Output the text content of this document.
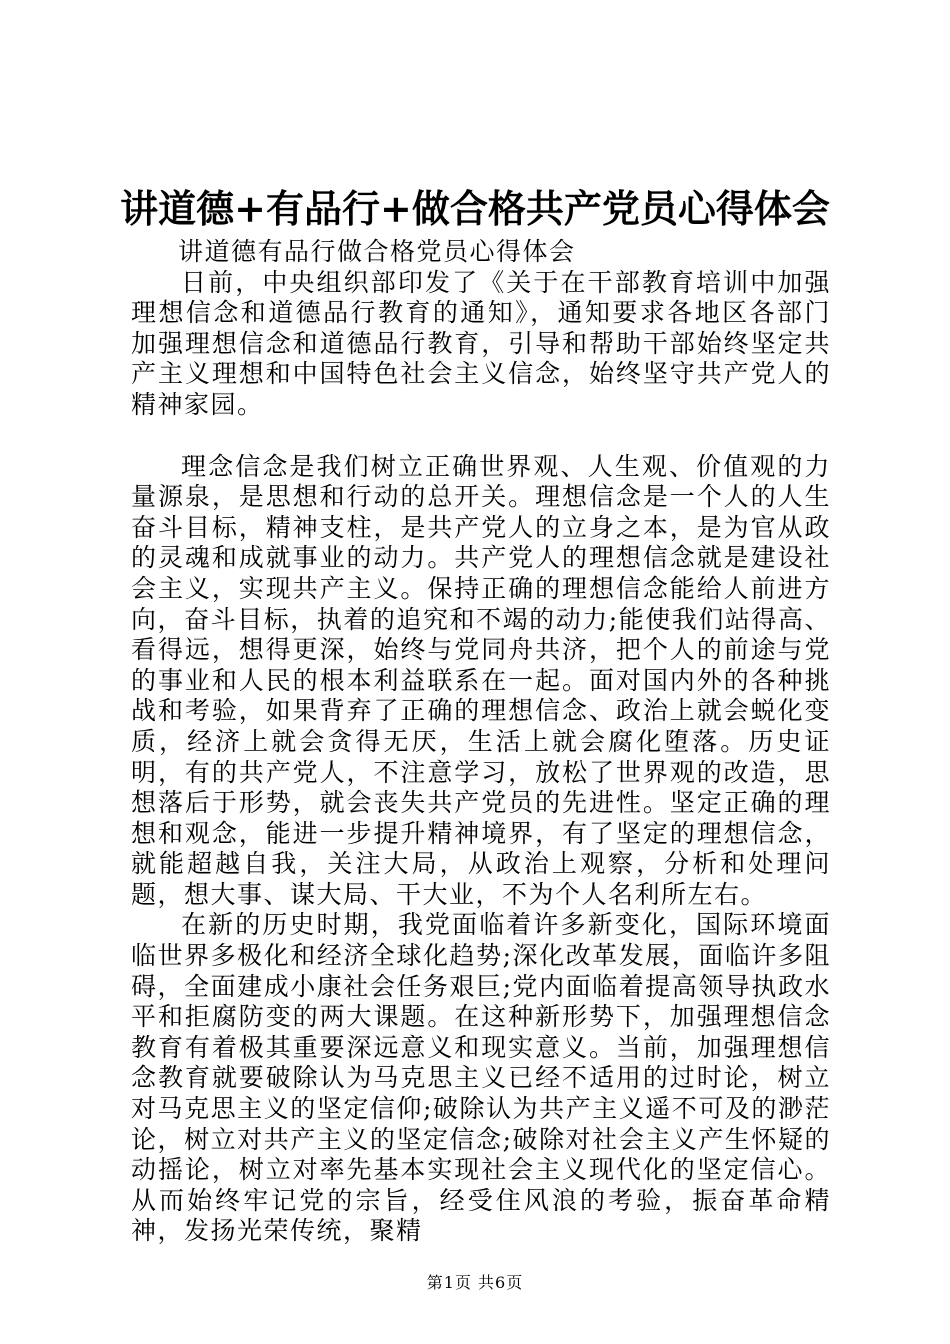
讲道德+有品行+做合格共产党员心得体会

讲道德有品行做合格党员心得体会

日前，中央组织部印发了《关于在干部教育培训中加强理想信念和道德品行教育的通知》，通知要求各地区各部门加强理想信念和道德品行教育，引导和帮助干部始终坚定共产主义理想和中国特色社会主义信念，始终坚守共产党人的精神家园。

理念信念是我们树立正确世界观、人生观、价值观的力量源泉，是思想和行动的总开关。理想信念是一个人的人生奋斗目标，精神支柱，是共产党人的立身之本，是为官从政的灵魂和成就事业的动力。共产党人的理想信念就是建设社会主义，实现共产主义。保持正确的理想信念能给人前进方向，奋斗目标，执着的追究和不竭的动力;能使我们站得高、看得远，想得更深，始终与党同舟共济，把个人的前途与党的事业和人民的根本利益联系在一起。面对国内外的各种挑战和考验，如果背弃了正确的理想信念、政治上就会蜕化变质，经济上就会贪得无厌，生活上就会腐化堕落。历史证明，有的共产党人，不注意学习，放松了世界观的改造，思想落后于形势，就会丧失共产党员的先进性。坚定正确的理想和观念，能进一步提升精神境界，有了坚定的理想信念，就能超越自我，关注大局，从政治上观察，分析和处理问题，想大事、谋大局、干大业，不为个人名利所左右。

在新的历史时期，我党面临着许多新变化，国际环境面临世界多极化和经济全球化趋势;深化改革发展，面临许多阻碍，全面建成小康社会任务艰巨;党内面临着提高领导执政水平和拒腐防变的两大课题。在这种新形势下，加强理想信念教育有着极其重要深远意义和现实意义。当前，加强理想信念教育就要破除认为马克思主义已经不适用的过时论，树立对马克思主义的坚定信仰;破除认为共产主义遥不可及的渺茫论，树立对共产主义的坚定信念;破除对社会主义产生怀疑的动摇论，树立对率先基本实现社会主义现代化的坚定信心。从而始终牢记党的宗旨，经受住风浪的考验，振奋革命精神，发扬光荣传统，聚精

第1页 共6页
